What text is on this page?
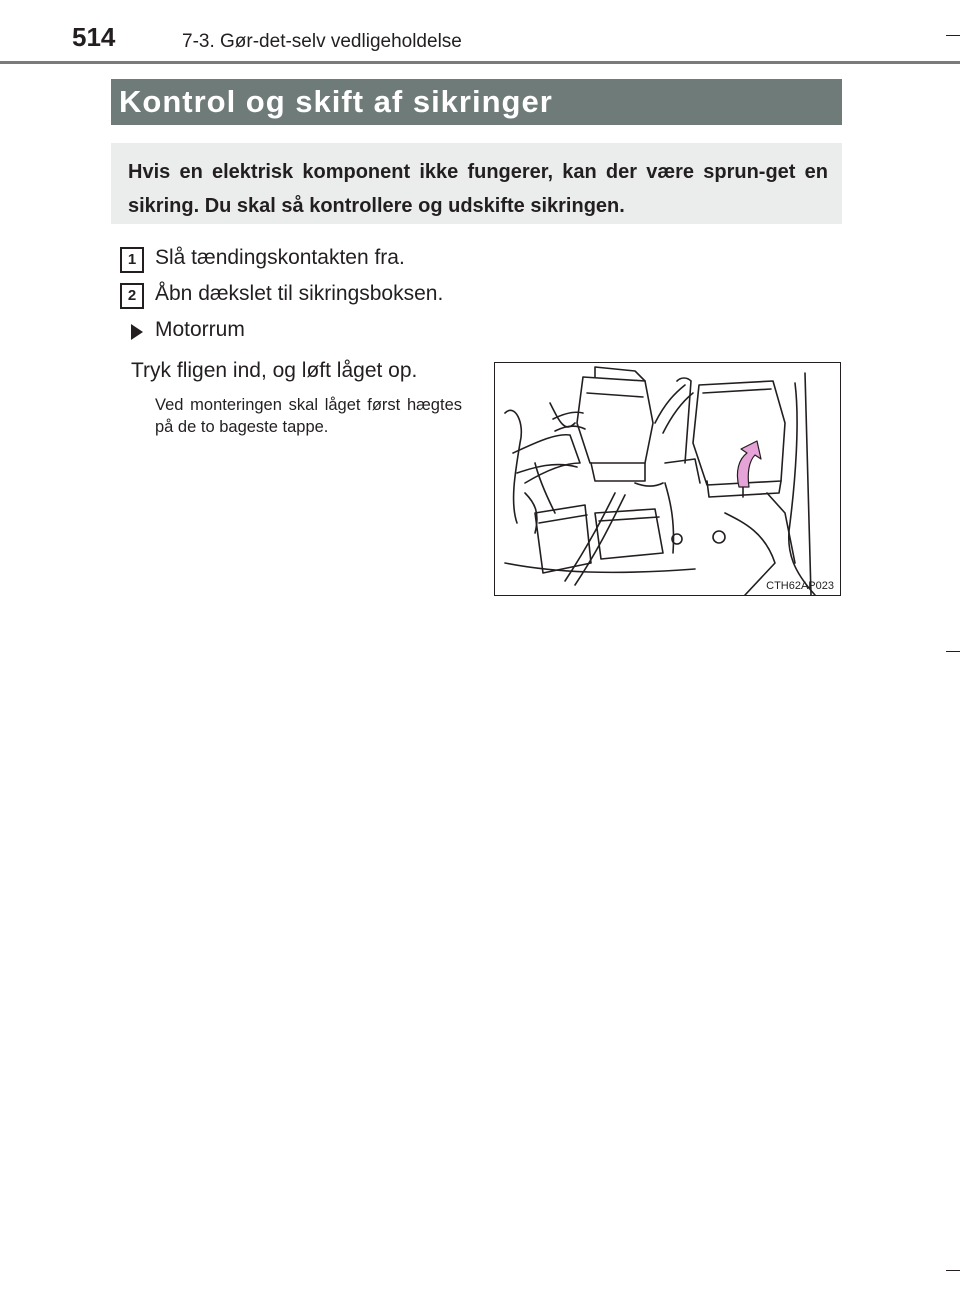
514	7-3. Gør-det-selv vedligeholdelse
Kontrol og skift af sikringer

Hvis en elektrisk komponent ikke fungerer, kan der være sprun-get en sikring. Du skal så kontrollere og udskifte sikringen.

1 Slå tændingskontakten fra.
2 Åbn dækslet til sikringsboksen.
Motorrum
Tryk fligen ind, og løft låget op.

Ved monteringen skal låget først hægtes på de to bageste tappe.

CTH62AP023
